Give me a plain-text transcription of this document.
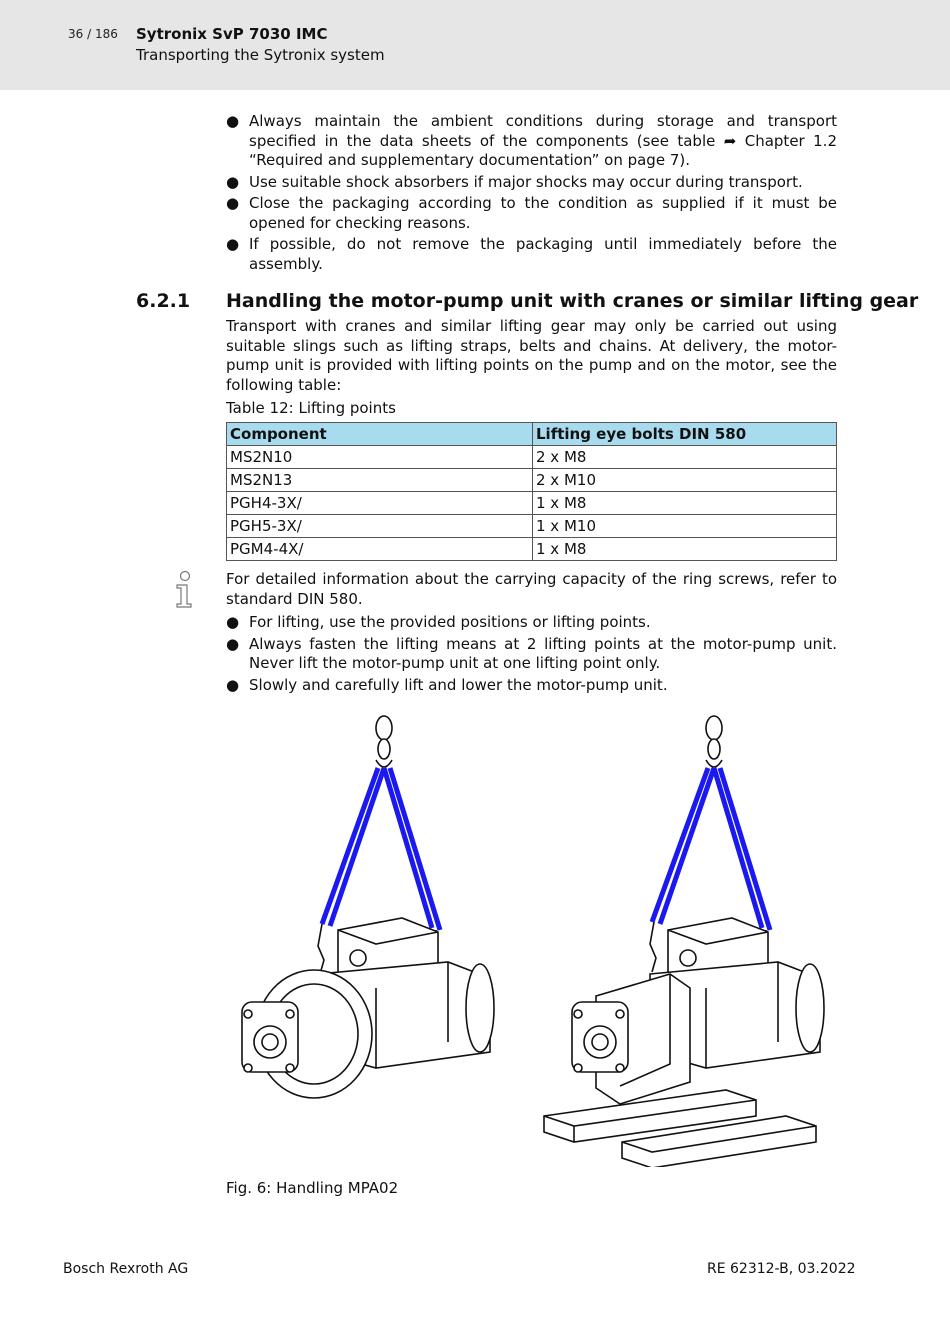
36 / 186 Sytronix SvP 7030 IMC
Transporting the Sytronix system
● Always maintain the ambient conditions during storage and transport specified in the data sheets of the components (see table ➦ Chapter 1.2 “Required and supplementary documentation” on page 7).
● Use suitable shock absorbers if major shocks may occur during transport.
● Close the packaging according to the condition as supplied if it must be opened for checking reasons.
● If possible, do not remove the packaging until immediately before the assembly.
6.2.1 Handling the motor-pump unit with cranes or similar lifting gear

Transport with cranes and similar lifting gear may only be carried out using suitable slings such as lifting straps, belts and chains. At delivery, the motor-pump unit is provided with lifting points on the pump and on the motor, see the following table:

Table 12: Lifting points
Component	Lifting eye bolts DIN 580
MS2N10	2 x M8
MS2N13	2 x M10
PGH4-3X/	1 x M8
PGH5-3X/	1 x M10
PGM4-4X/	1 x M8

For detailed information about the carrying capacity of the ring screws, refer to standard DIN 580.

● For lifting, use the provided positions or lifting points.
● Always fasten the lifting means at 2 lifting points at the motor-pump unit. Never lift the motor-pump unit at one lifting point only.
● Slowly and carefully lift and lower the motor-pump unit.
Fig. 6: Handling MPA02
Bosch Rexroth AG	RE 62312-B, 03.2022
